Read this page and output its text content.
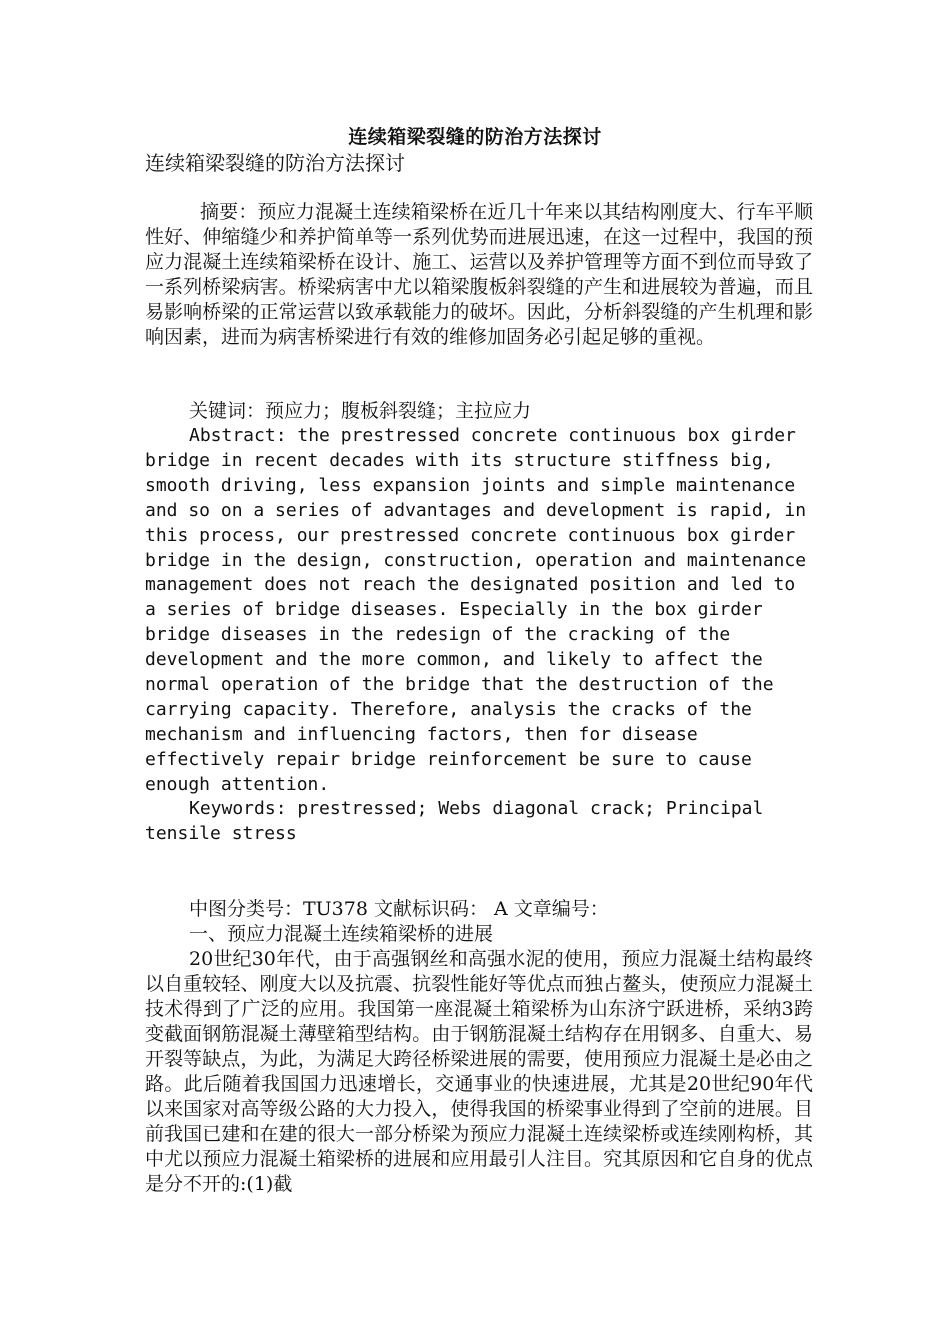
连续箱梁裂缝的防治方法探讨
连续箱梁裂缝的防治方法探讨

摘要：预应力混凝土连续箱梁桥在近几十年来以其结构刚度大、行车平顺性好、伸缩缝少和养护简单等一系列优势而进展迅速，在这一过程中，我国的预应力混凝土连续箱梁桥在设计、施工、运营以及养护管理等方面不到位而导致了一系列桥梁病害。桥梁病害中尤以箱梁腹板斜裂缝的产生和进展较为普遍，而且易影响桥梁的正常运营以致承载能力的破坏。因此，分析斜裂缝的产生机理和影响因素，进而为病害桥梁进行有效的维修加固务必引起足够的重视。

关键词：预应力；腹板斜裂缝；主拉应力

Abstract: the prestressed concrete continuous box girder bridge in recent decades with its structure stiffness big, smooth driving, less expansion joints and simple maintenance and so on a series of advantages and development is rapid, in this process, our prestressed concrete continuous box girder bridge in the design, construction, operation and maintenance management does not reach the designated position and led to a series of bridge diseases. Especially in the box girder bridge diseases in the redesign of the cracking of the development and the more common, and likely to affect the normal operation of the bridge that the destruction of the carrying capacity. Therefore, analysis the cracks of the mechanism and influencing factors, then for disease effectively repair bridge reinforcement be sure to cause enough attention.

Keywords: prestressed; Webs diagonal crack; Principal tensile stress

中图分类号：TU378 文献标识码： A 文章编号：

一、预应力混凝土连续箱梁桥的进展

20世纪30年代，由于高强钢丝和高强水泥的使用，预应力混凝土结构最终以自重较轻、刚度大以及抗震、抗裂性能好等优点而独占鳌头，使预应力混凝土技术得到了广泛的应用。我国第一座混凝土箱梁桥为山东济宁跃进桥，采纳3跨变截面钢筋混凝土薄壁箱型结构。由于钢筋混凝土结构存在用钢多、自重大、易开裂等缺点，为此，为满足大跨径桥梁进展的需要，使用预应力混凝土是必由之路。此后随着我国国力迅速增长，交通事业的快速进展，尤其是20世纪90年代以来国家对高等级公路的大力投入，使得我国的桥梁事业得到了空前的进展。目前我国已建和在建的很大一部分桥梁为预应力混凝土连续梁桥或连续刚构桥，其中尤以预应力混凝土箱梁桥的进展和应用最引人注目。究其原因和它自身的优点是分不开的:(1)截
